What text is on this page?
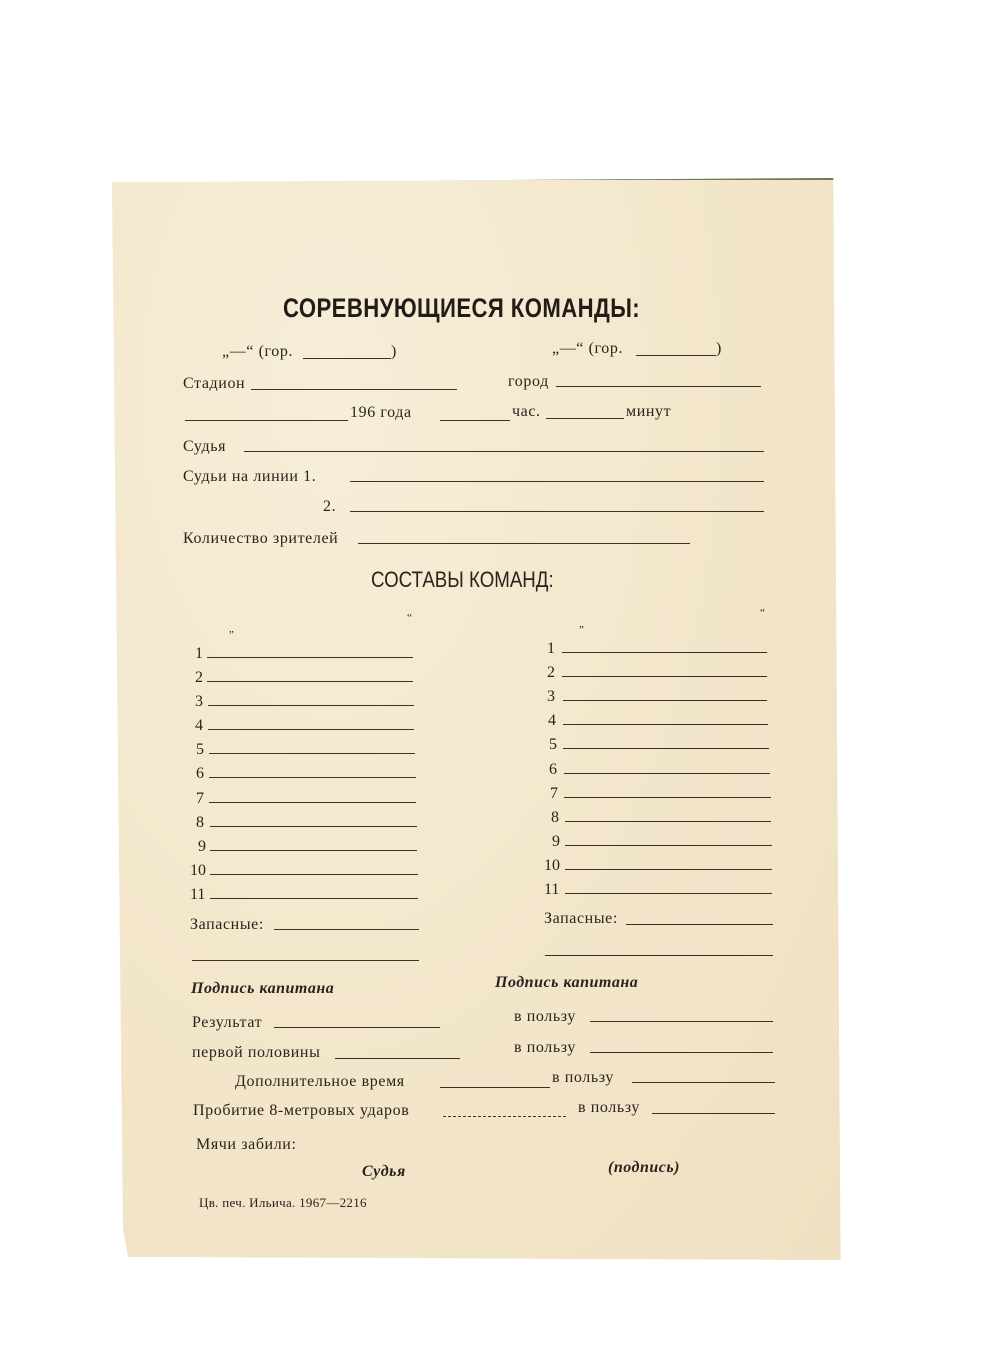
СОРЕВНУЮЩИЕСЯ КОМАНДЫ:
„—“ (гор.	)	„—“ (гор.	)
Стадион	город
196 года	час.	минут
Судья
Судьи на линии 1.
2.
Количество зрителей
СОСТАВЫ КОМАНД:
„
“	„
“
1
2
3
4
5
6
7
8
9
10
11
Запасные:
Подпись капитана
1
2
3
4
5
6
7
8
9
10
11
Запасные:
Подпись капитана
Результат	в пользу
первой половины	в пользу
Дополнительное время	в пользу
Пробитие 8-метровых ударов	в пользу
Мячи забили:
Судья	(подпись)
Цв. печ. Ильича. 1967—2216
